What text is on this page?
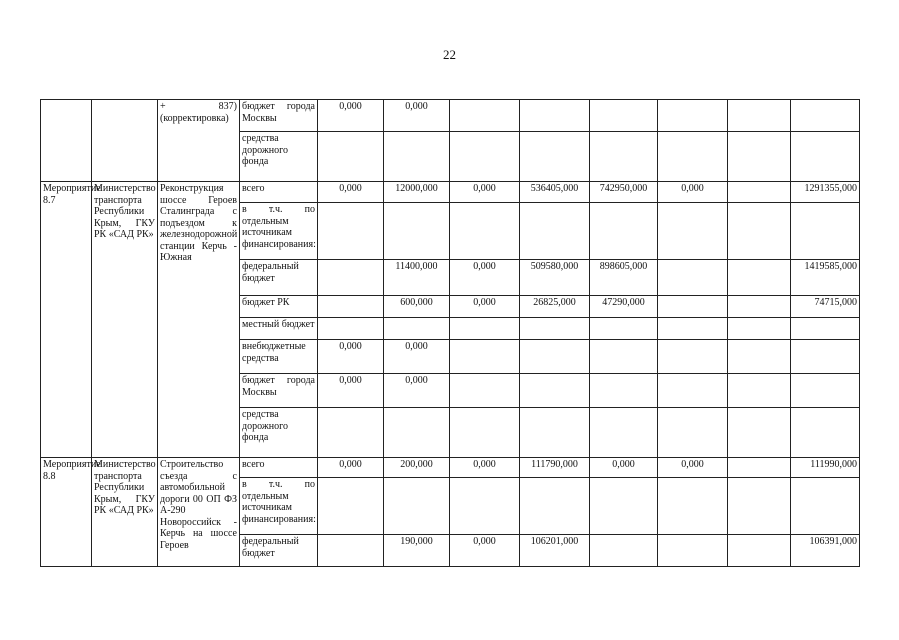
22
		+ 837) (корректировка)	бюджет города Москвы	0,000	0,000						
			средства дорожного фонда								
Мероприятие 8.7	Министерство транспорта Республики Крым, ГКУ РК «САД РК»	Реконструкция шоссе Героев Сталинграда с подъездом к железнодорожной станции Керчь - Южная	всего	0,000	12000,000	0,000	536405,000	742950,000	0,000		1291355,000
			в т.ч. по отдельным источникам финансирования:								
			федеральный бюджет		11400,000	0,000	509580,000	898605,000			1419585,000
			бюджет РК		600,000	0,000	26825,000	47290,000			74715,000
			местный бюджет								
			внебюджетные средства	0,000	0,000						
			бюджет города Москвы	0,000	0,000						
			средства дорожного фонда								
Мероприятие 8.8	Министерство транспорта Республики Крым, ГКУ РК «САД РК»	Строительство съезда с автомобильной дороги 00 ОП ФЗ А-290 Новороссийск - Керчь на шоссе Героев	всего	0,000	200,000	0,000	111790,000	0,000	0,000		111990,000
			в т.ч. по отдельным источникам финансирования:								
			федеральный бюджет		190,000	0,000	106201,000				106391,000
